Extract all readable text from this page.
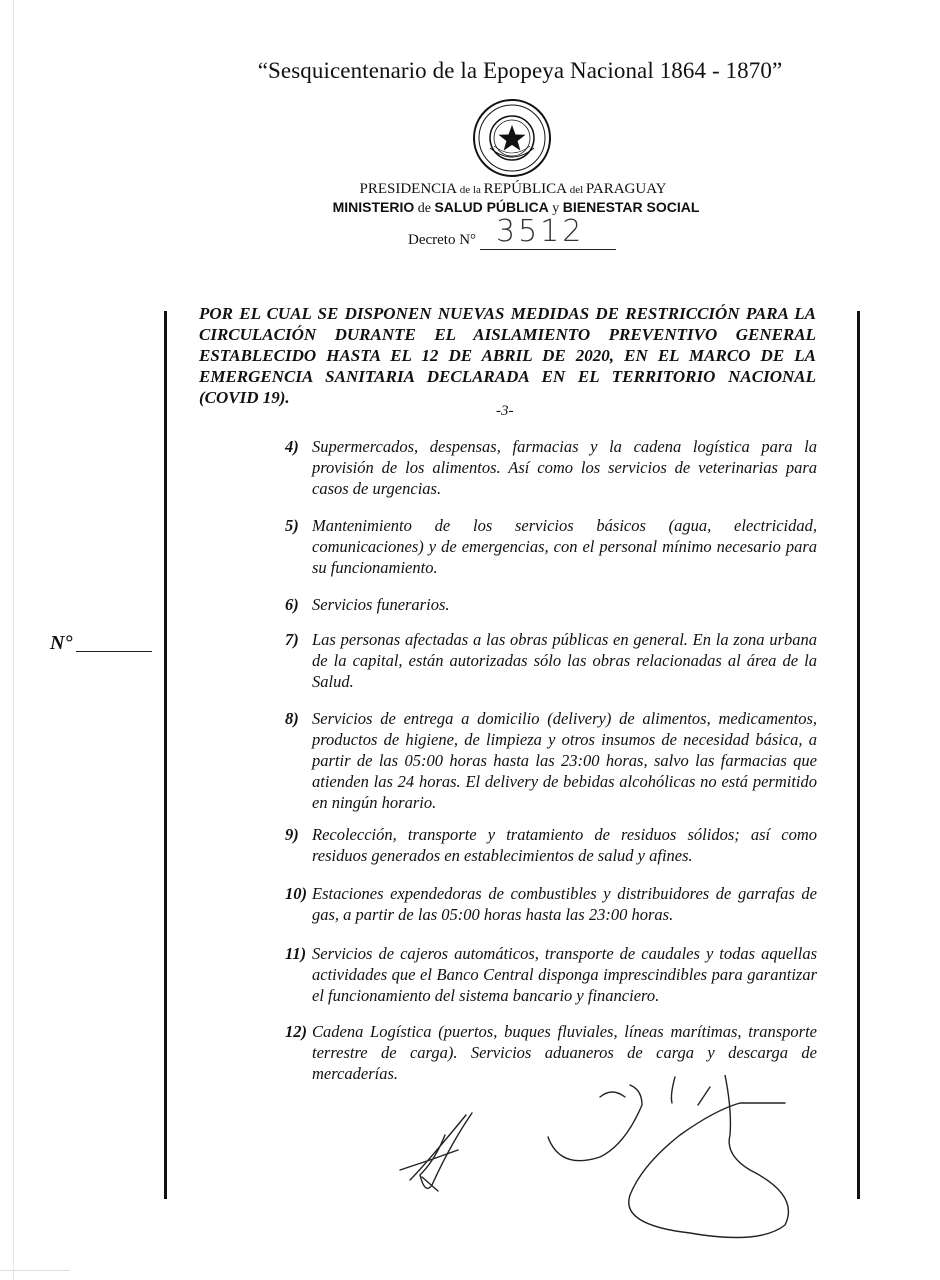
“Sesquicentenario de la Epopeya Nacional 1864 - 1870”
PRESIDENCIA de la REPÚBLICA del PARAGUAY
MINISTERIO de SALUD PÚBLICA y BIENESTAR SOCIAL
Decreto N° 3512
N°
POR EL CUAL SE DISPONEN NUEVAS MEDIDAS DE RESTRICCIÓN PARA LA CIRCULACIÓN DURANTE EL AISLAMIENTO PREVENTIVO GENERAL ESTABLECIDO HASTA EL 12 DE ABRIL DE 2020, EN EL MARCO DE LA EMERGENCIA SANITARIA DECLARADA EN EL TERRITORIO NACIONAL (COVID 19).
-3-
4) Supermercados, despensas, farmacias y la cadena logística para la provisión de los alimentos. Así como los servicios de veterinarias para casos de urgencias.
5) Mantenimiento de los servicios básicos (agua, electricidad, comunicaciones) y de emergencias, con el personal mínimo necesario para su funcionamiento.
6) Servicios funerarios.
7) Las personas afectadas a las obras públicas en general. En la zona urbana de la capital, están autorizadas sólo las obras relacionadas al área de la Salud.
8) Servicios de entrega a domicilio (delivery) de alimentos, medicamentos, productos de higiene, de limpieza y otros insumos de necesidad básica, a partir de las 05:00 horas hasta las 23:00 horas, salvo las farmacias que atienden las 24 horas. El delivery de bebidas alcohólicas no está permitido en ningún horario.
9) Recolección, transporte y tratamiento de residuos sólidos; así como residuos generados en establecimientos de salud y afines.
10) Estaciones expendedoras de combustibles y distribuidores de garrafas de gas, a partir de las 05:00 horas hasta las 23:00 horas.
11) Servicios de cajeros automáticos, transporte de caudales y todas aquellas actividades que el Banco Central disponga imprescindibles para garantizar el funcionamiento del sistema bancario y financiero.
12) Cadena Logística (puertos, buques fluviales, líneas marítimas, transporte terrestre de carga). Servicios aduaneros de carga y descarga de mercaderías.
